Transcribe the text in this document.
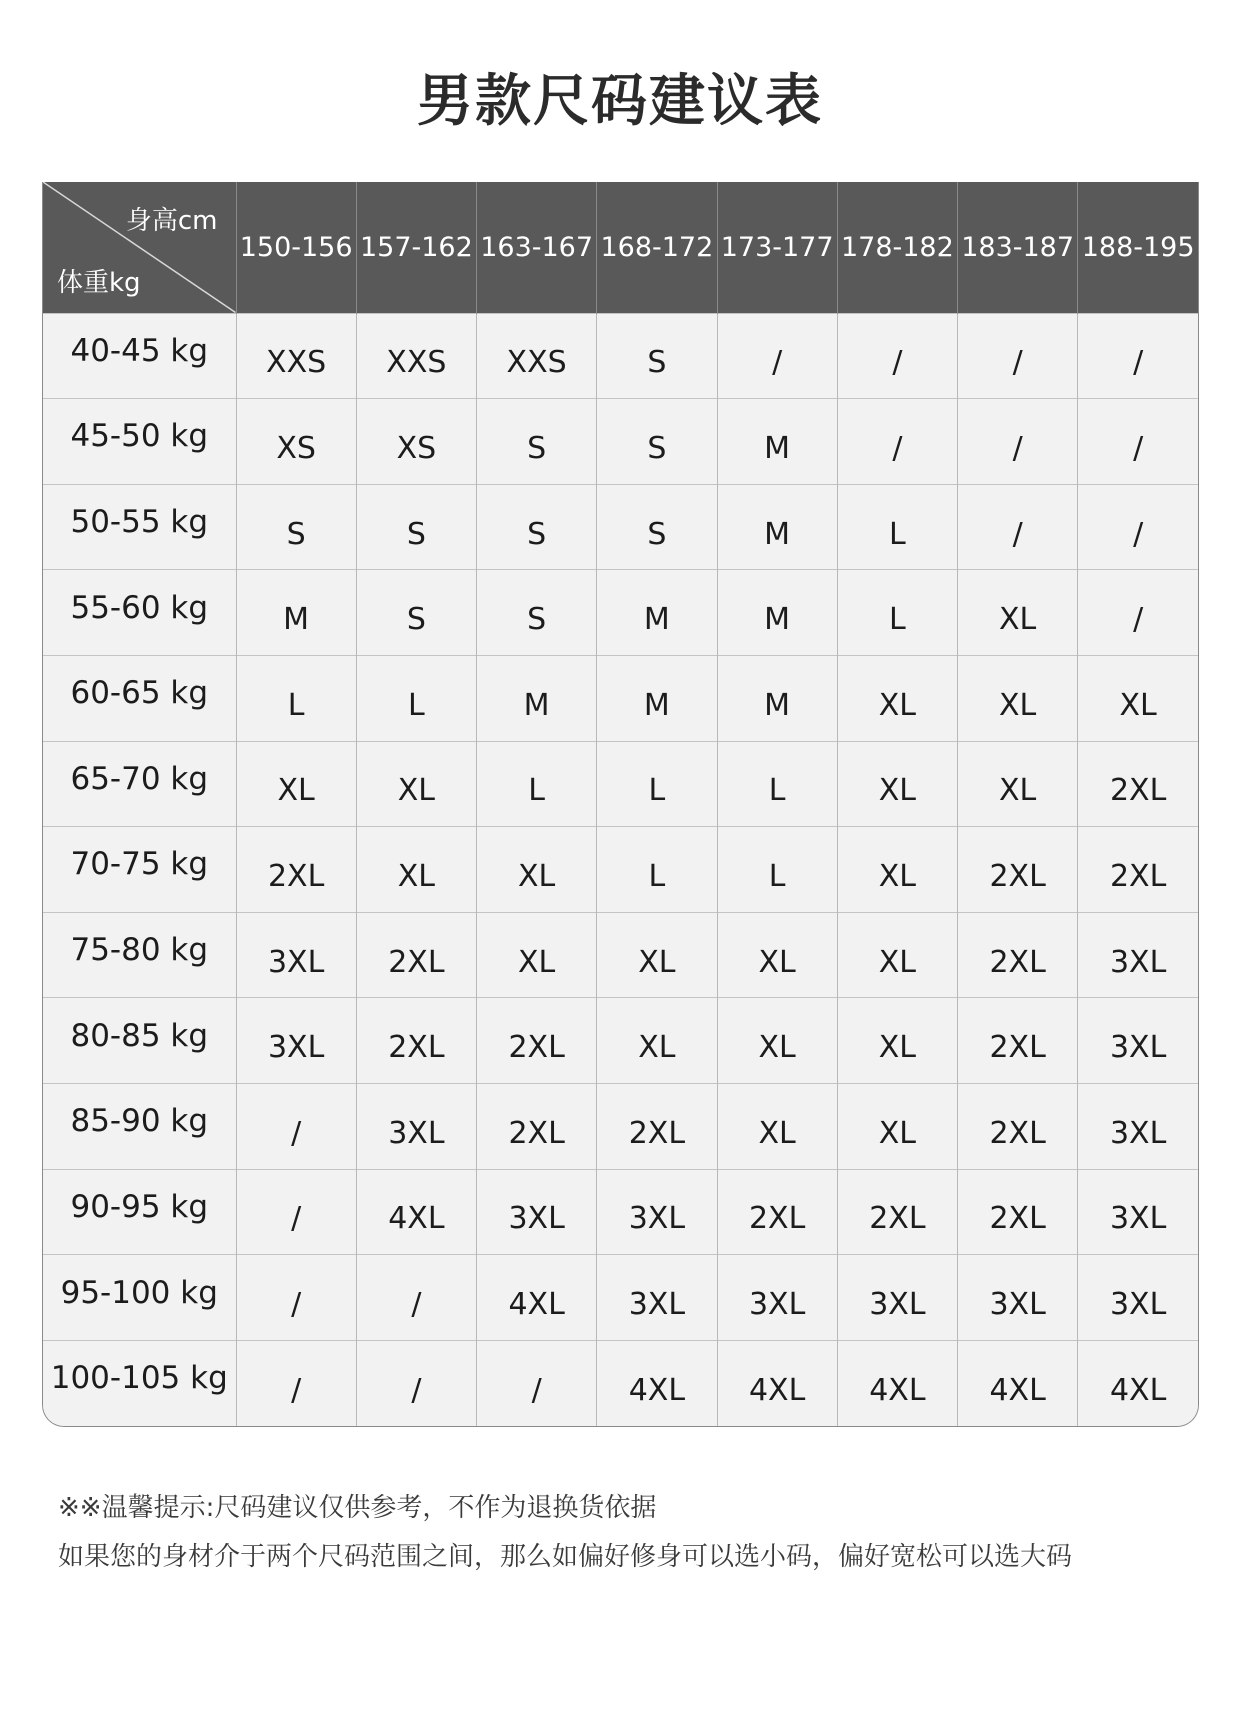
男款尺码建议表
身高cm
体重kg	150-156	157-162	163-167	168-172	173-177	178-182	183-187	188-195
40-45 kg	XXS	XXS	XXS	S	/	/	/	/
45-50 kg	XS	XS	S	S	M	/	/	/
50-55 kg	S	S	S	S	M	L	/	/
55-60 kg	M	S	S	M	M	L	XL	/
60-65 kg	L	L	M	M	M	XL	XL	XL
65-70 kg	XL	XL	L	L	L	XL	XL	2XL
70-75 kg	2XL	XL	XL	L	L	XL	2XL	2XL
75-80 kg	3XL	2XL	XL	XL	XL	XL	2XL	3XL
80-85 kg	3XL	2XL	2XL	XL	XL	XL	2XL	3XL
85-90 kg	/	3XL	2XL	2XL	XL	XL	2XL	3XL
90-95 kg	/	4XL	3XL	3XL	2XL	2XL	2XL	3XL
95-100 kg	/	/	4XL	3XL	3XL	3XL	3XL	3XL
100-105 kg	/	/	/	4XL	4XL	4XL	4XL	4XL
※※温馨提示:尺码建议仅供参考，不作为退换货依据
如果您的身材介于两个尺码范围之间，那么如偏好修身可以选小码，偏好宽松可以选大码
